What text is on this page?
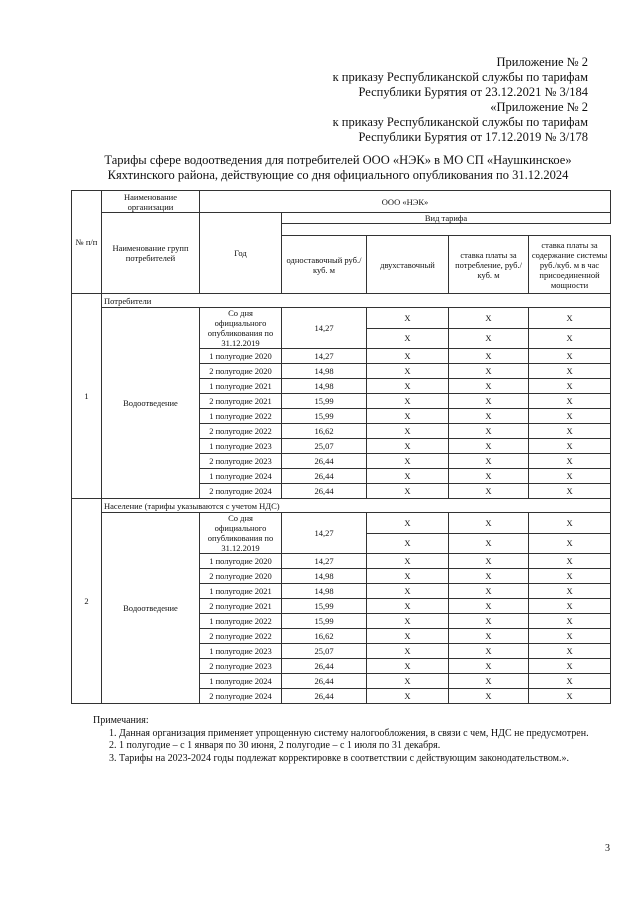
Приложение № 2
к приказу Республиканской службы по тарифам
Республики Бурятия от 23.12.2021 № 3/184
«Приложение № 2
к приказу Республиканской службы по тарифам
Республики Бурятия от 17.12.2019 № 3/178
Тарифы сфере водоотведения для потребителей ООО «НЭК» в МО СП «Наушкинское»
Кяхтинского района, действующие со дня официального опубликования по 31.12.2024
№ п/п	Наименование организации	ООО «НЭК»				
	Наименование групп потребителей	Год	Вид тарифа			

			одноставочный руб./ куб. м	двухставочный	ставка платы за потребление, руб./ куб. м	ставка платы за содержание системы руб./куб. м в час присоединенной мощности
1	Потребители					
	Водоотведение	Со дня официального опубликования по 31.12.2019	14,27	Х	Х	Х
				Х	Х	Х
		1 полугодие 2020	14,27	Х	Х	Х
		2 полугодие 2020	14,98	Х	Х	Х
		1 полугодие 2021	14,98	Х	Х	Х
		2 полугодие 2021	15,99	Х	Х	Х
		1 полугодие 2022	15,99	Х	Х	Х
		2 полугодие 2022	16,62	Х	Х	Х
		1 полугодие 2023	25,07	Х	Х	Х
		2 полугодие 2023	26,44	Х	Х	Х
		1 полугодие 2024	26,44	Х	Х	Х
		2 полугодие 2024	26,44	Х	Х	Х
2	Население (тарифы указываются с учетом НДС)					
	Водоотведение	Со дня официального опубликования по 31.12.2019	14,27	Х	Х	Х
				Х	Х	Х
		1 полугодие 2020	14,27	Х	Х	Х
		2 полугодие 2020	14,98	Х	Х	Х
		1 полугодие 2021	14,98	Х	Х	Х
		2 полугодие 2021	15,99	Х	Х	Х
		1 полугодие 2022	15,99	Х	Х	Х
		2 полугодие 2022	16,62	Х	Х	Х
		1 полугодие 2023	25,07	Х	Х	Х
		2 полугодие 2023	26,44	Х	Х	Х
		1 полугодие 2024	26,44	Х	Х	Х
		2 полугодие 2024	26,44	Х	Х	Х

Примечания:

1. Данная организация применяет упрощенную систему налогообложения, в связи с чем, НДС не предусмотрен.

2. 1 полугодие – с 1 января по 30 июня, 2 полугодие – с 1 июля по 31 декабря.

3. Тарифы на 2023-2024 годы подлежат корректировке в соответствии с действующим законодательством.».

3
